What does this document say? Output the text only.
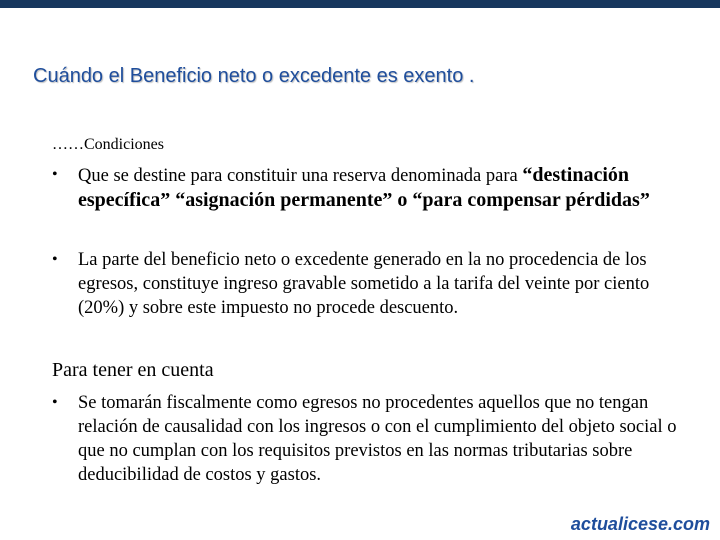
Cuándo el Beneficio neto o excedente es exento .
……Condiciones
• Que se destine para constituir una reserva denominada para “destinación específica” “asignación permanente” o “para compensar pérdidas”
• La parte del beneficio neto o excedente generado en la no procedencia de los egresos, constituye ingreso gravable sometido a la tarifa del veinte por ciento (20%) y sobre este impuesto no procede descuento.
Para tener en cuenta
• Se tomarán fiscalmente como egresos no procedentes aquellos que no tengan relación de causalidad con los ingresos o con el cumplimiento del objeto social o que no cumplan con los requisitos previstos en las normas tributarias sobre deducibilidad de costos y gastos.
actualicese.com
